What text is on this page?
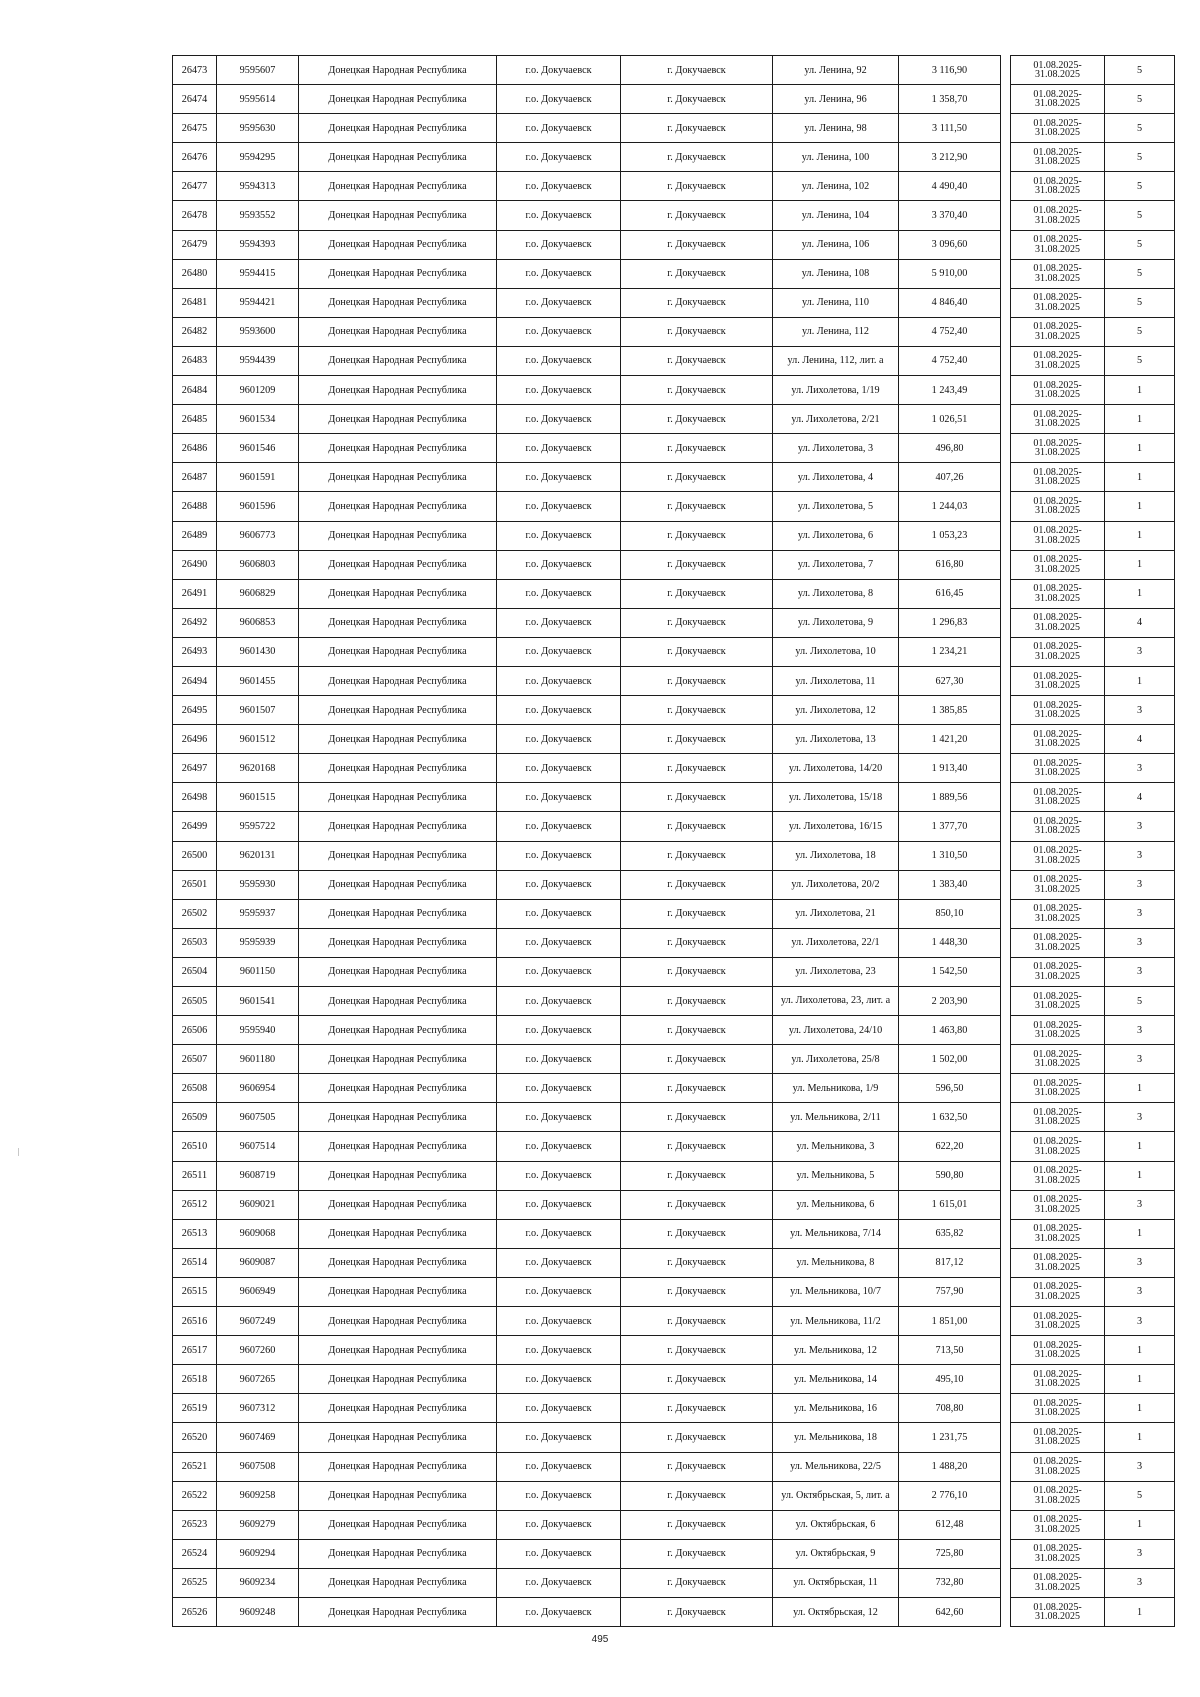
26473	9595607	Донецкая Народная Республика	г.о. Докучаевск	г. Докучаевск	ул. Ленина, 92	3 116,90		01.08.2025-31.08.2025	5
26474	9595614	Донецкая Народная Республика	г.о. Докучаевск	г. Докучаевск	ул. Ленина, 96	1 358,70		01.08.2025-31.08.2025	5
26475	9595630	Донецкая Народная Республика	г.о. Докучаевск	г. Докучаевск	ул. Ленина, 98	3 111,50		01.08.2025-31.08.2025	5
26476	9594295	Донецкая Народная Республика	г.о. Докучаевск	г. Докучаевск	ул. Ленина, 100	3 212,90		01.08.2025-31.08.2025	5
26477	9594313	Донецкая Народная Республика	г.о. Докучаевск	г. Докучаевск	ул. Ленина, 102	4 490,40		01.08.2025-31.08.2025	5
26478	9593552	Донецкая Народная Республика	г.о. Докучаевск	г. Докучаевск	ул. Ленина, 104	3 370,40		01.08.2025-31.08.2025	5
26479	9594393	Донецкая Народная Республика	г.о. Докучаевск	г. Докучаевск	ул. Ленина, 106	3 096,60		01.08.2025-31.08.2025	5
26480	9594415	Донецкая Народная Республика	г.о. Докучаевск	г. Докучаевск	ул. Ленина, 108	5 910,00		01.08.2025-31.08.2025	5
26481	9594421	Донецкая Народная Республика	г.о. Докучаевск	г. Докучаевск	ул. Ленина, 110	4 846,40		01.08.2025-31.08.2025	5
26482	9593600	Донецкая Народная Республика	г.о. Докучаевск	г. Докучаевск	ул. Ленина, 112	4 752,40		01.08.2025-31.08.2025	5
26483	9594439	Донецкая Народная Республика	г.о. Докучаевск	г. Докучаевск	ул. Ленина, 112, лит. а	4 752,40		01.08.2025-31.08.2025	5
26484	9601209	Донецкая Народная Республика	г.о. Докучаевск	г. Докучаевск	ул. Лихолетова, 1/19	1 243,49		01.08.2025-31.08.2025	1
26485	9601534	Донецкая Народная Республика	г.о. Докучаевск	г. Докучаевск	ул. Лихолетова, 2/21	1 026,51		01.08.2025-31.08.2025	1
26486	9601546	Донецкая Народная Республика	г.о. Докучаевск	г. Докучаевск	ул. Лихолетова, 3	496,80		01.08.2025-31.08.2025	1
26487	9601591	Донецкая Народная Республика	г.о. Докучаевск	г. Докучаевск	ул. Лихолетова, 4	407,26		01.08.2025-31.08.2025	1
26488	9601596	Донецкая Народная Республика	г.о. Докучаевск	г. Докучаевск	ул. Лихолетова, 5	1 244,03		01.08.2025-31.08.2025	1
26489	9606773	Донецкая Народная Республика	г.о. Докучаевск	г. Докучаевск	ул. Лихолетова, 6	1 053,23		01.08.2025-31.08.2025	1
26490	9606803	Донецкая Народная Республика	г.о. Докучаевск	г. Докучаевск	ул. Лихолетова, 7	616,80		01.08.2025-31.08.2025	1
26491	9606829	Донецкая Народная Республика	г.о. Докучаевск	г. Докучаевск	ул. Лихолетова, 8	616,45		01.08.2025-31.08.2025	1
26492	9606853	Донецкая Народная Республика	г.о. Докучаевск	г. Докучаевск	ул. Лихолетова, 9	1 296,83		01.08.2025-31.08.2025	4
26493	9601430	Донецкая Народная Республика	г.о. Докучаевск	г. Докучаевск	ул. Лихолетова, 10	1 234,21		01.08.2025-31.08.2025	3
26494	9601455	Донецкая Народная Республика	г.о. Докучаевск	г. Докучаевск	ул. Лихолетова, 11	627,30		01.08.2025-31.08.2025	1
26495	9601507	Донецкая Народная Республика	г.о. Докучаевск	г. Докучаевск	ул. Лихолетова, 12	1 385,85		01.08.2025-31.08.2025	3
26496	9601512	Донецкая Народная Республика	г.о. Докучаевск	г. Докучаевск	ул. Лихолетова, 13	1 421,20		01.08.2025-31.08.2025	4
26497	9620168	Донецкая Народная Республика	г.о. Докучаевск	г. Докучаевск	ул. Лихолетова, 14/20	1 913,40		01.08.2025-31.08.2025	3
26498	9601515	Донецкая Народная Республика	г.о. Докучаевск	г. Докучаевск	ул. Лихолетова, 15/18	1 889,56		01.08.2025-31.08.2025	4
26499	9595722	Донецкая Народная Республика	г.о. Докучаевск	г. Докучаевск	ул. Лихолетова, 16/15	1 377,70		01.08.2025-31.08.2025	3
26500	9620131	Донецкая Народная Республика	г.о. Докучаевск	г. Докучаевск	ул. Лихолетова, 18	1 310,50		01.08.2025-31.08.2025	3
26501	9595930	Донецкая Народная Республика	г.о. Докучаевск	г. Докучаевск	ул. Лихолетова, 20/2	1 383,40		01.08.2025-31.08.2025	3
26502	9595937	Донецкая Народная Республика	г.о. Докучаевск	г. Докучаевск	ул. Лихолетова, 21	850,10		01.08.2025-31.08.2025	3
26503	9595939	Донецкая Народная Республика	г.о. Докучаевск	г. Докучаевск	ул. Лихолетова, 22/1	1 448,30		01.08.2025-31.08.2025	3
26504	9601150	Донецкая Народная Республика	г.о. Докучаевск	г. Докучаевск	ул. Лихолетова, 23	1 542,50		01.08.2025-31.08.2025	3
26505	9601541	Донецкая Народная Республика	г.о. Докучаевск	г. Докучаевск	ул. Лихолетова, 23, лит. а	2 203,90		01.08.2025-31.08.2025	5
26506	9595940	Донецкая Народная Республика	г.о. Докучаевск	г. Докучаевск	ул. Лихолетова, 24/10	1 463,80		01.08.2025-31.08.2025	3
26507	9601180	Донецкая Народная Республика	г.о. Докучаевск	г. Докучаевск	ул. Лихолетова, 25/8	1 502,00		01.08.2025-31.08.2025	3
26508	9606954	Донецкая Народная Республика	г.о. Докучаевск	г. Докучаевск	ул. Мельникова, 1/9	596,50		01.08.2025-31.08.2025	1
26509	9607505	Донецкая Народная Республика	г.о. Докучаевск	г. Докучаевск	ул. Мельникова, 2/11	1 632,50		01.08.2025-31.08.2025	3
26510	9607514	Донецкая Народная Республика	г.о. Докучаевск	г. Докучаевск	ул. Мельникова, 3	622,20		01.08.2025-31.08.2025	1
26511	9608719	Донецкая Народная Республика	г.о. Докучаевск	г. Докучаевск	ул. Мельникова, 5	590,80		01.08.2025-31.08.2025	1
26512	9609021	Донецкая Народная Республика	г.о. Докучаевск	г. Докучаевск	ул. Мельникова, 6	1 615,01		01.08.2025-31.08.2025	3
26513	9609068	Донецкая Народная Республика	г.о. Докучаевск	г. Докучаевск	ул. Мельникова, 7/14	635,82		01.08.2025-31.08.2025	1
26514	9609087	Донецкая Народная Республика	г.о. Докучаевск	г. Докучаевск	ул. Мельникова, 8	817,12		01.08.2025-31.08.2025	3
26515	9606949	Донецкая Народная Республика	г.о. Докучаевск	г. Докучаевск	ул. Мельникова, 10/7	757,90		01.08.2025-31.08.2025	3
26516	9607249	Донецкая Народная Республика	г.о. Докучаевск	г. Докучаевск	ул. Мельникова, 11/2	1 851,00		01.08.2025-31.08.2025	3
26517	9607260	Донецкая Народная Республика	г.о. Докучаевск	г. Докучаевск	ул. Мельникова, 12	713,50		01.08.2025-31.08.2025	1
26518	9607265	Донецкая Народная Республика	г.о. Докучаевск	г. Докучаевск	ул. Мельникова, 14	495,10		01.08.2025-31.08.2025	1
26519	9607312	Донецкая Народная Республика	г.о. Докучаевск	г. Докучаевск	ул. Мельникова, 16	708,80		01.08.2025-31.08.2025	1
26520	9607469	Донецкая Народная Республика	г.о. Докучаевск	г. Докучаевск	ул. Мельникова, 18	1 231,75		01.08.2025-31.08.2025	1
26521	9607508	Донецкая Народная Республика	г.о. Докучаевск	г. Докучаевск	ул. Мельникова, 22/5	1 488,20		01.08.2025-31.08.2025	3
26522	9609258	Донецкая Народная Республика	г.о. Докучаевск	г. Докучаевск	ул. Октябрьская, 5, лит. а	2 776,10		01.08.2025-31.08.2025	5
26523	9609279	Донецкая Народная Республика	г.о. Докучаевск	г. Докучаевск	ул. Октябрьская, 6	612,48		01.08.2025-31.08.2025	1
26524	9609294	Донецкая Народная Республика	г.о. Докучаевск	г. Докучаевск	ул. Октябрьская, 9	725,80		01.08.2025-31.08.2025	3
26525	9609234	Донецкая Народная Республика	г.о. Докучаевск	г. Докучаевск	ул. Октябрьская, 11	732,80		01.08.2025-31.08.2025	3
26526	9609248	Донецкая Народная Республика	г.о. Докучаевск	г. Докучаевск	ул. Октябрьская, 12	642,60		01.08.2025-31.08.2025	1
495
